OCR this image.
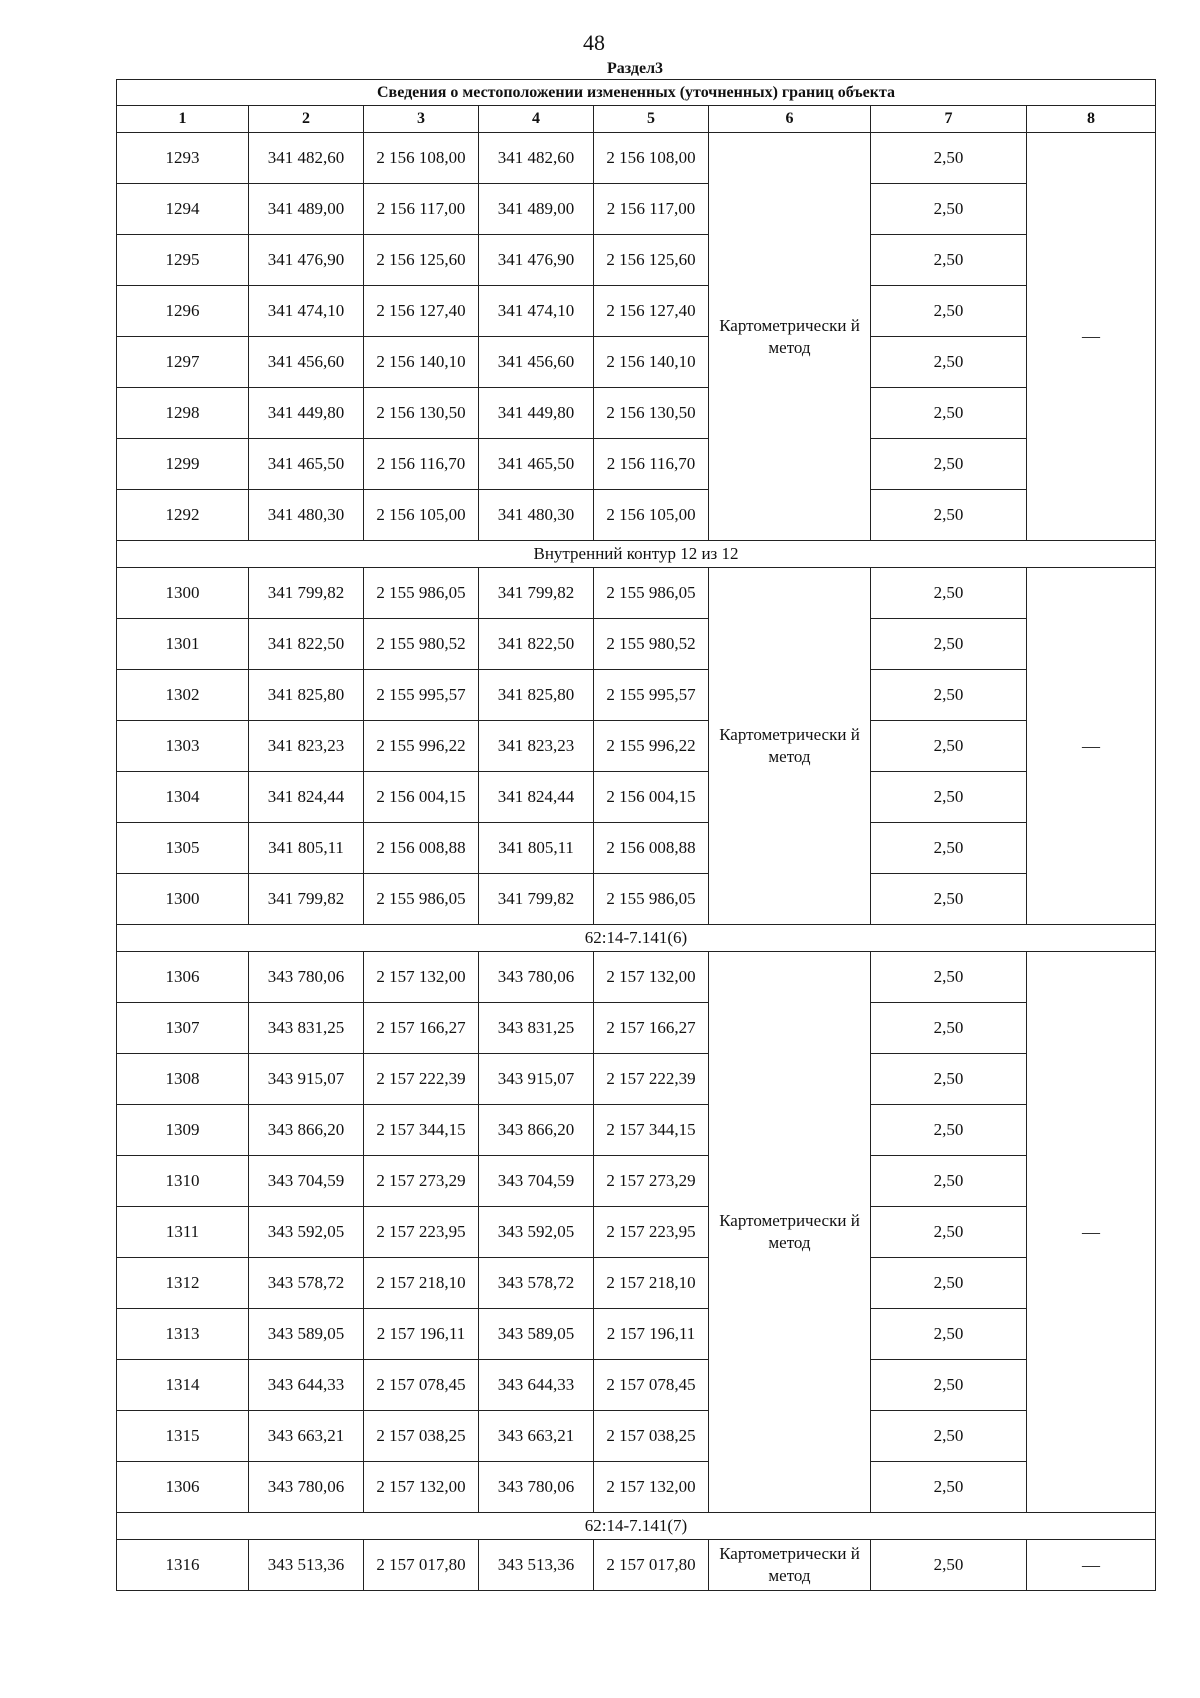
48
Раздел3
Сведения о местоположении измененных (уточненных) границ объекта							
1	2	3	4	5	6	7	8
1293	341 482,60	2 156 108,00	341 482,60	2 156 108,00	Картометрически й метод	2,50	—
1294	341 489,00	2 156 117,00	341 489,00	2 156 117,00		2,50	
1295	341 476,90	2 156 125,60	341 476,90	2 156 125,60		2,50	
1296	341 474,10	2 156 127,40	341 474,10	2 156 127,40		2,50	
1297	341 456,60	2 156 140,10	341 456,60	2 156 140,10		2,50	
1298	341 449,80	2 156 130,50	341 449,80	2 156 130,50		2,50	
1299	341 465,50	2 156 116,70	341 465,50	2 156 116,70		2,50	
1292	341 480,30	2 156 105,00	341 480,30	2 156 105,00		2,50	
Внутренний контур 12 из 12							
1300	341 799,82	2 155 986,05	341 799,82	2 155 986,05	Картометрически й метод	2,50	—
1301	341 822,50	2 155 980,52	341 822,50	2 155 980,52		2,50	
1302	341 825,80	2 155 995,57	341 825,80	2 155 995,57		2,50	
1303	341 823,23	2 155 996,22	341 823,23	2 155 996,22		2,50	
1304	341 824,44	2 156 004,15	341 824,44	2 156 004,15		2,50	
1305	341 805,11	2 156 008,88	341 805,11	2 156 008,88		2,50	
1300	341 799,82	2 155 986,05	341 799,82	2 155 986,05		2,50	
62:14-7.141(6)							
1306	343 780,06	2 157 132,00	343 780,06	2 157 132,00	Картометрически й метод	2,50	—
1307	343 831,25	2 157 166,27	343 831,25	2 157 166,27		2,50	
1308	343 915,07	2 157 222,39	343 915,07	2 157 222,39		2,50	
1309	343 866,20	2 157 344,15	343 866,20	2 157 344,15		2,50	
1310	343 704,59	2 157 273,29	343 704,59	2 157 273,29		2,50	
1311	343 592,05	2 157 223,95	343 592,05	2 157 223,95		2,50	
1312	343 578,72	2 157 218,10	343 578,72	2 157 218,10		2,50	
1313	343 589,05	2 157 196,11	343 589,05	2 157 196,11		2,50	
1314	343 644,33	2 157 078,45	343 644,33	2 157 078,45		2,50	
1315	343 663,21	2 157 038,25	343 663,21	2 157 038,25		2,50	
1306	343 780,06	2 157 132,00	343 780,06	2 157 132,00		2,50	
62:14-7.141(7)							
1316	343 513,36	2 157 017,80	343 513,36	2 157 017,80	Картометрически й метод	2,50	—
